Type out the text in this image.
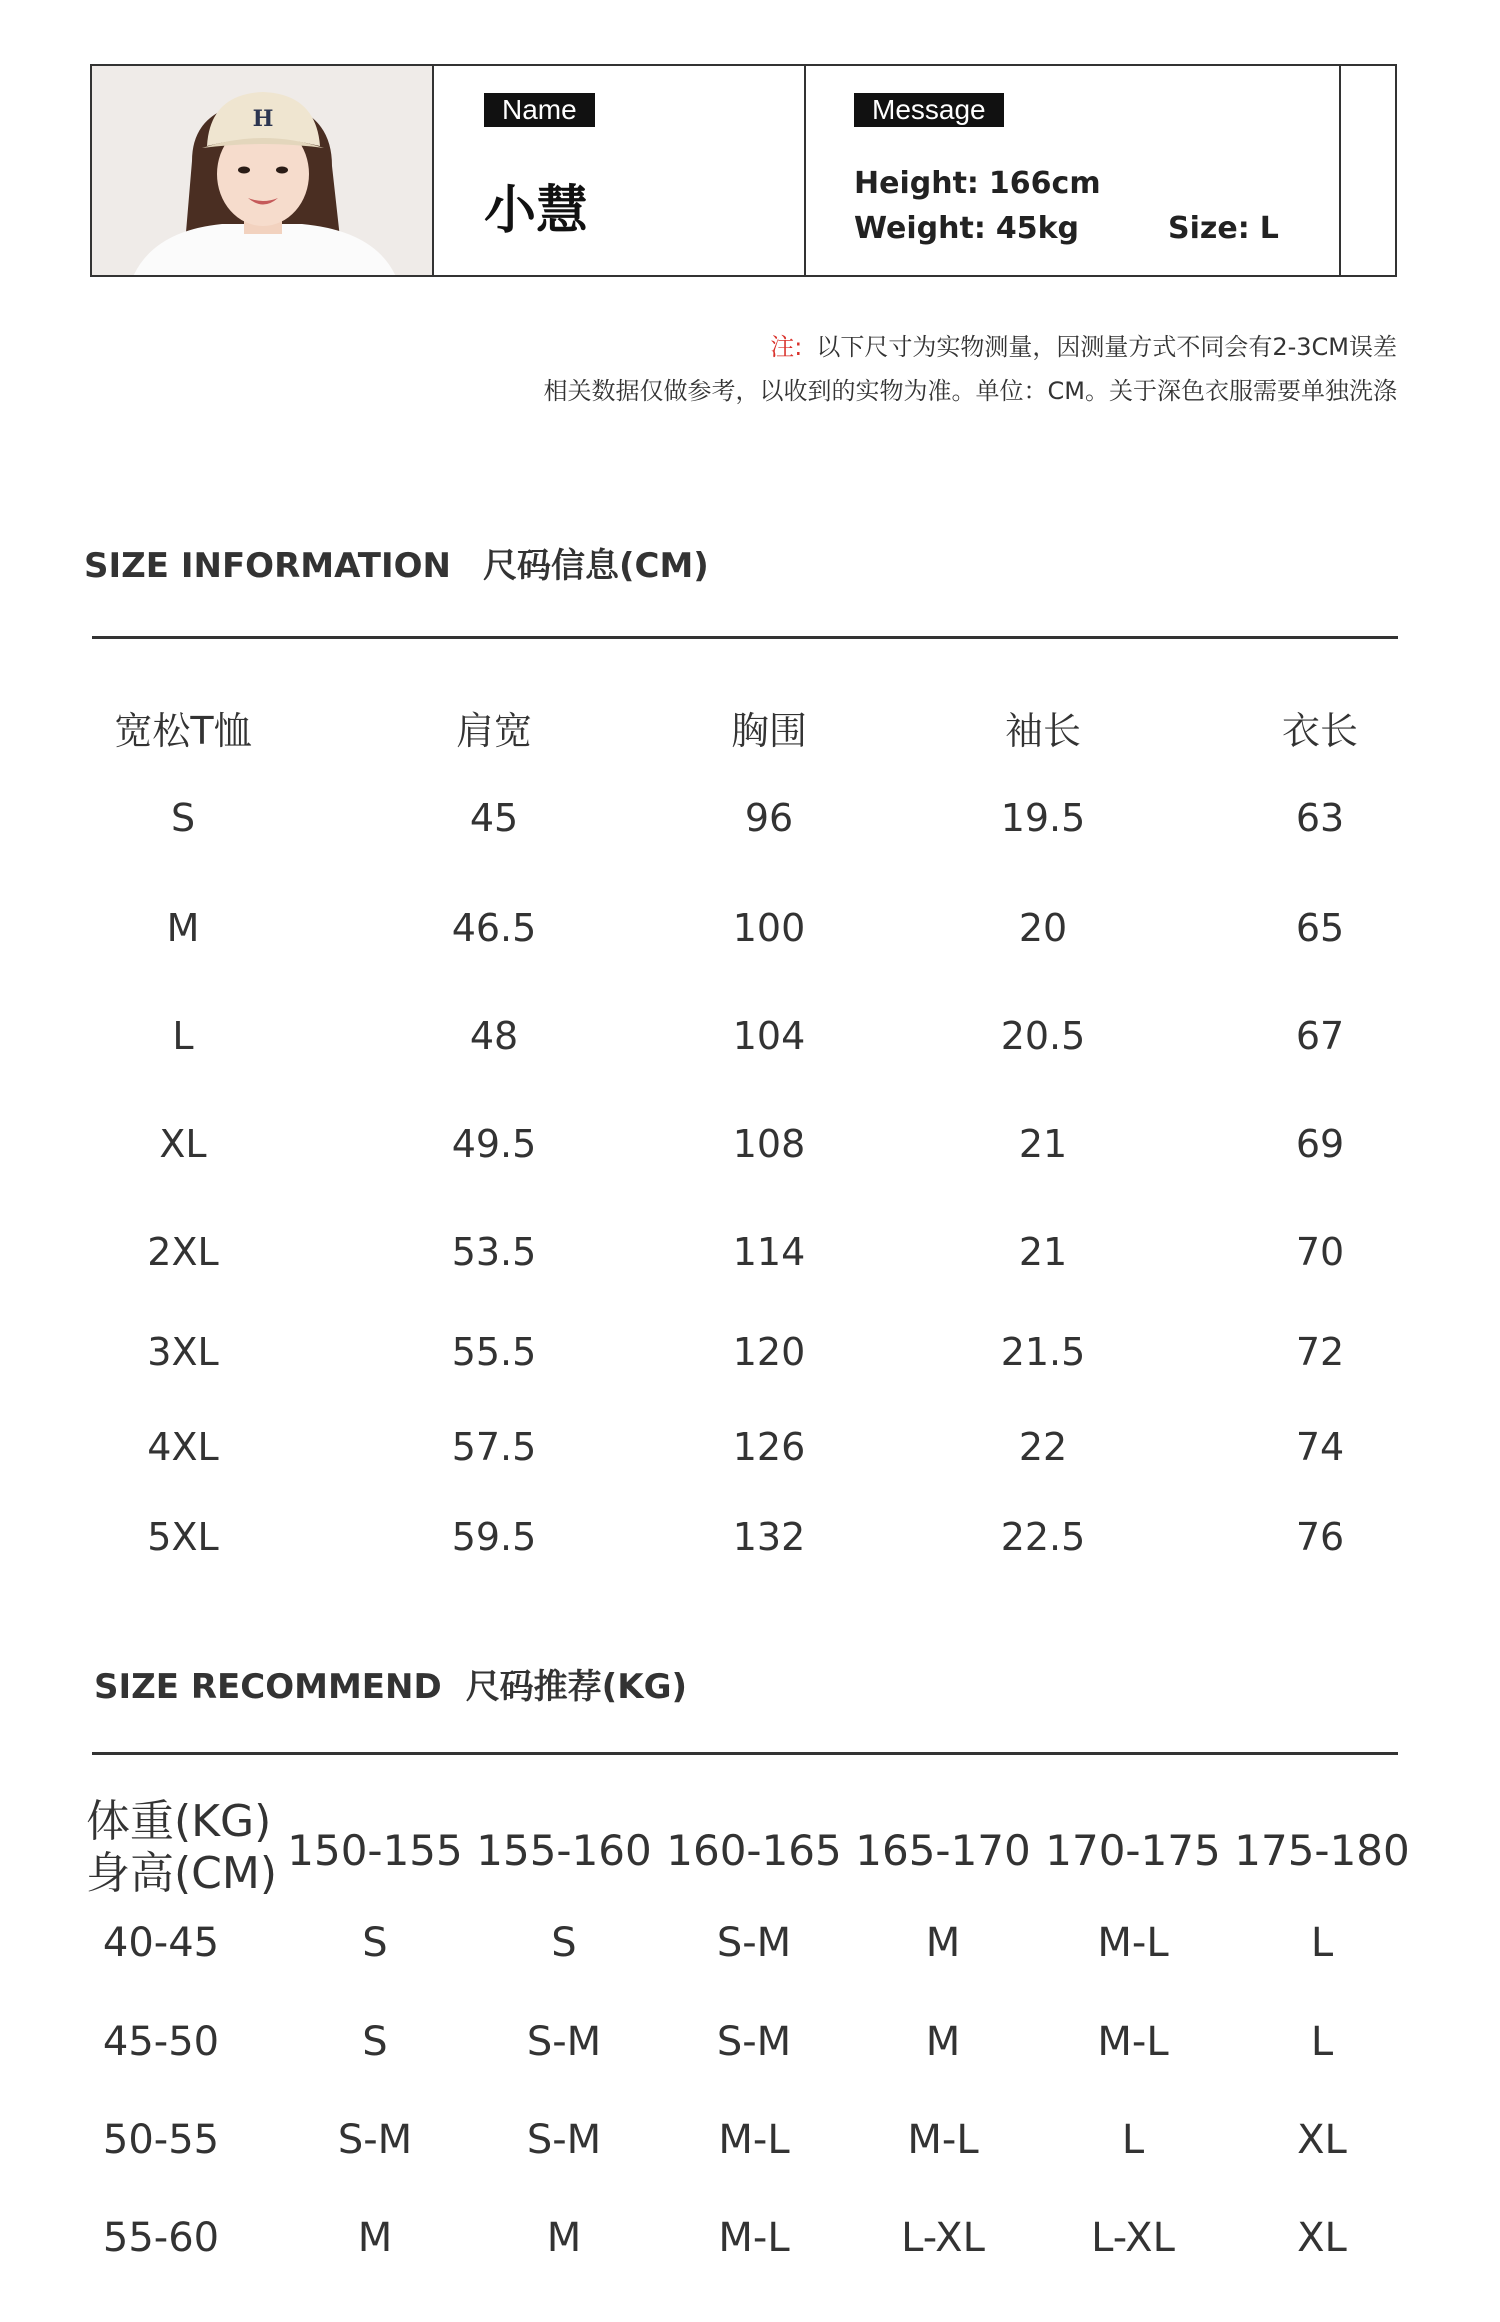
H	Name
小慧
Message
Height: 166cm
Weight: 45kg	Size: L
注: 以下尺寸为实物测量，因测量方式不同会有2-3CM误差
相关数据仅做参考，以收到的实物为准。单位：CM。关于深色衣服需要单独洗涤
SIZE INFORMATION 尺码信息(CM)
宽松T恤	肩宽	胸围	袖长	衣长
S	45	96	19.5	63
M	46.5	100	20	65
L	48	104	20.5	67
XL	49.5	108	21	69
2XL	53.5	114	21	70
3XL	55.5	120	21.5	72
4XL	57.5	126	22	74
5XL	59.5	132	22.5	76
SIZE RECOMMEND 尺码推荐(KG)
体重(KG)
身高(CM) 150-155 155-160 160-165 165-170 170-175 175-180
40-45	S	S	S-M	M	M-L	L
45-50	S	S-M	S-M	M	M-L	L
50-55	S-M	S-M	M-L	M-L	L	XL
55-60	M	M	M-L	L-XL	L-XL	XL
